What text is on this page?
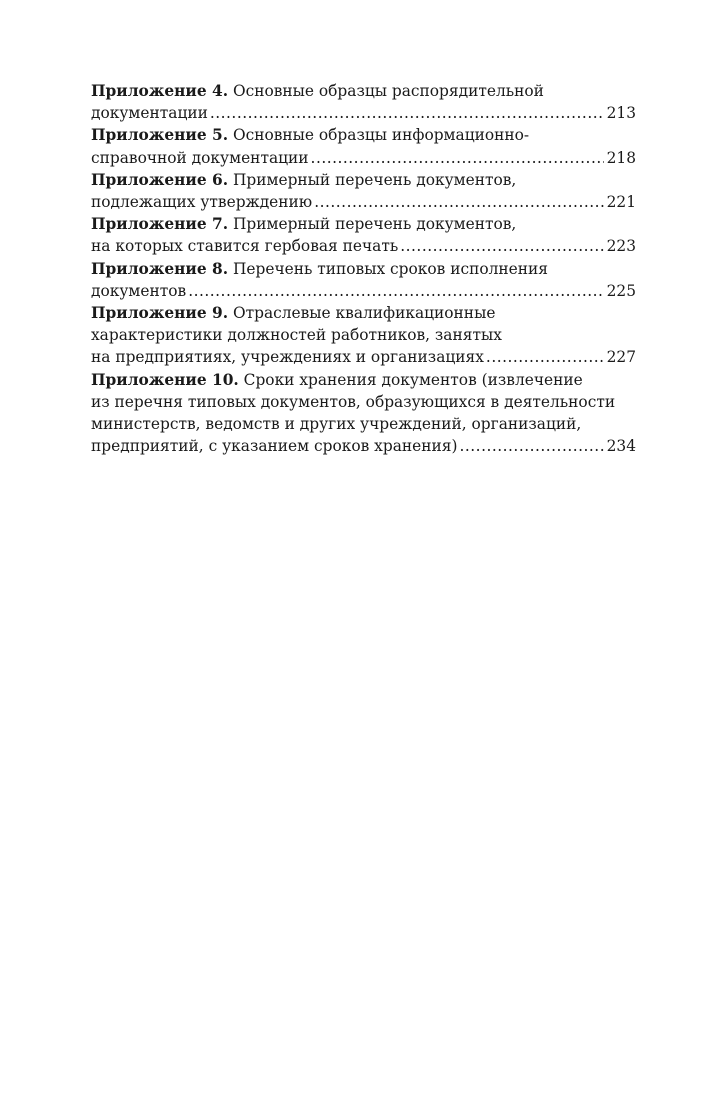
Приложение 4. Основные образцы распорядительной
документации .....	213
Приложение 5. Основные образцы информационно-
справочной документации .....	218
Приложение 6. Примерный перечень документов,
подлежащих утверждению .....	221
Приложение 7. Примерный перечень документов,
на которых ставится гербовая печать .....	223
Приложение 8. Перечень типовых сроков исполнения
документов .....	225
Приложение 9. Отраслевые квалификационные
характеристики должностей работников, занятых
на предприятиях, учреждениях и организациях .....	227
Приложение 10. Сроки хранения документов (извлечение
из перечня типовых документов, образующихся в деятельности
министерств, ведомств и других учреждений, организаций,
предприятий, с указанием сроков хранения) .....	234
